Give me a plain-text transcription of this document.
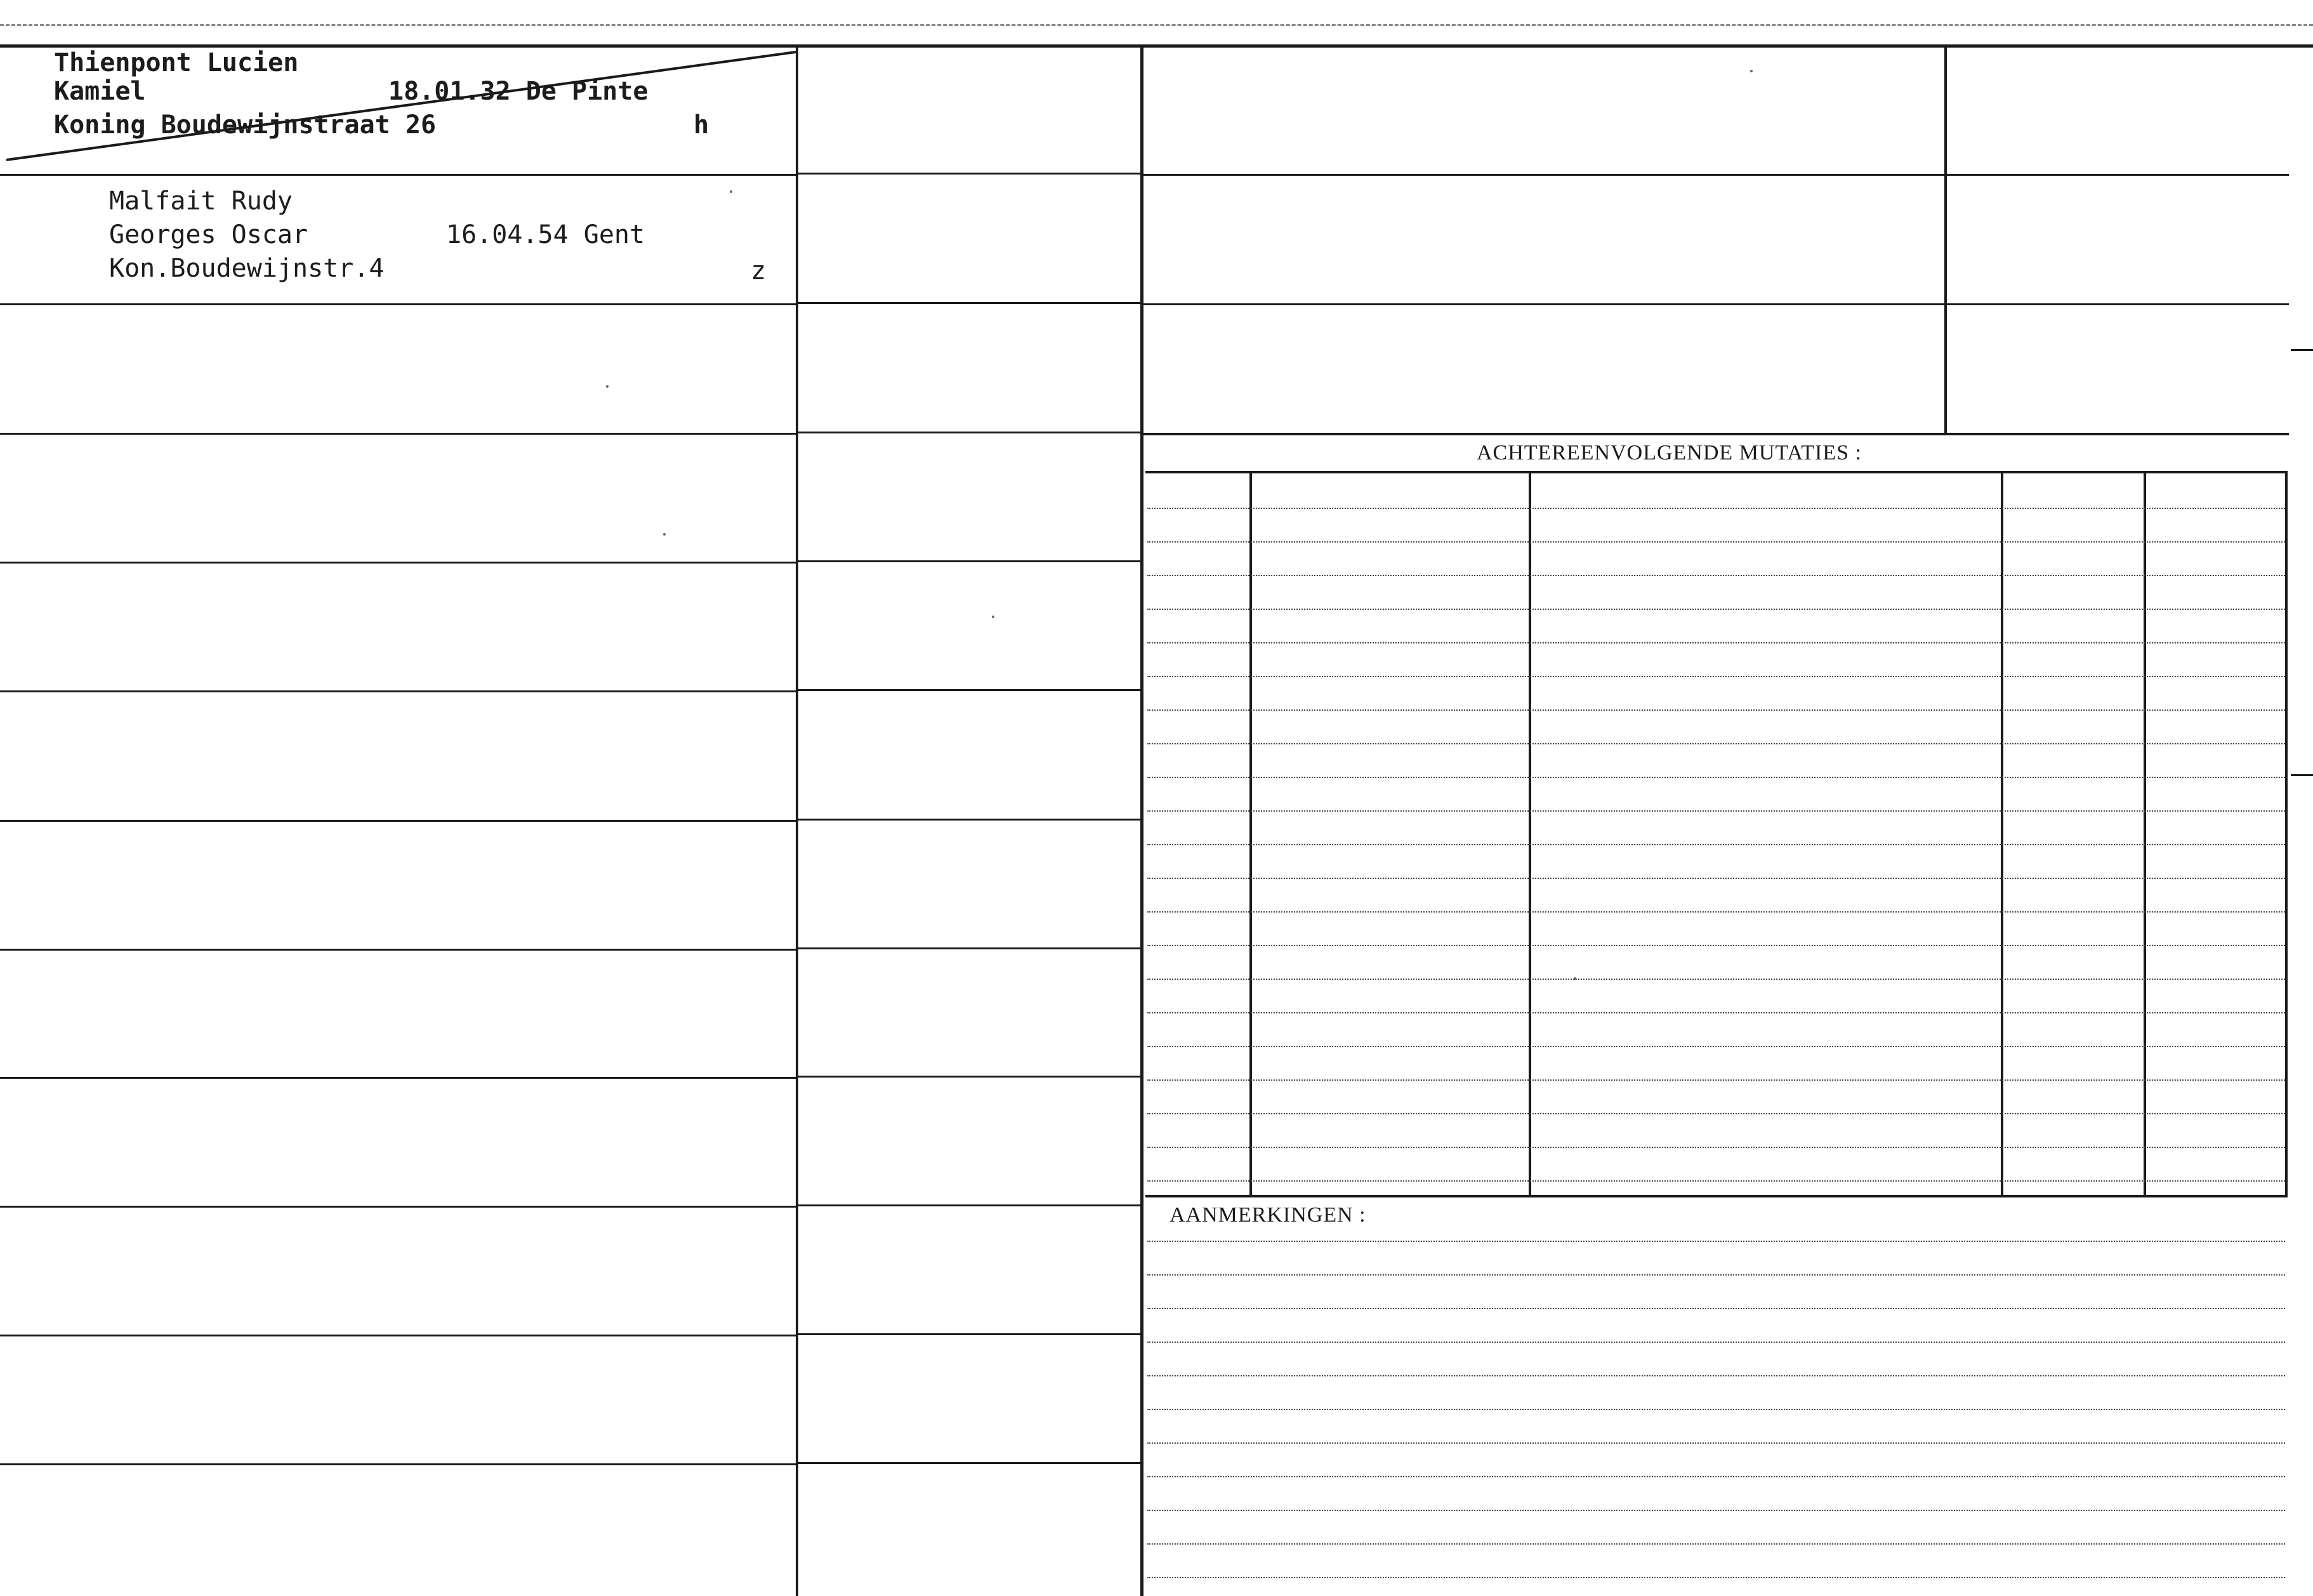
ACHTEREENVOLGENDE MUTATIES :
AANMERKINGEN :
Thienpont Lucien
Kamiel	18.01.32 De Pinte
Koning Boudewijnstraat 26	h
Malfait Rudy
Georges Oscar	16.04.54 Gent
Kon.Boudewijnstr.4	z
